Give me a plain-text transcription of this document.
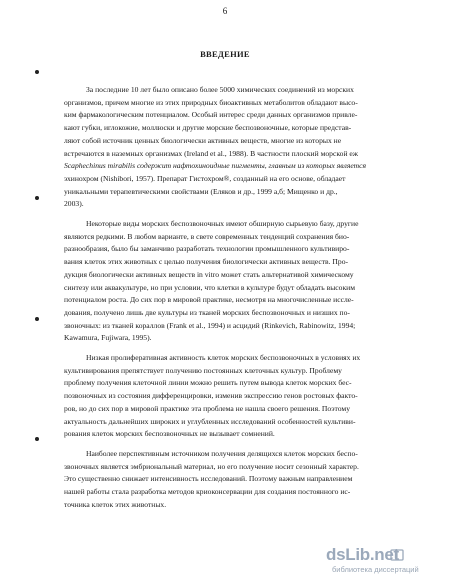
6
ВВЕДЕНИЕ
За последние 10 лет было описано более 5000 химических соединений из морских
организмов, причем многие из этих природных биоактивных метаболитов обладают высо-
ким фармакологическим потенциалом. Особый интерес среди данных организмов привле-
кают губки, иглокожие, моллюски и другие морские беспозвоночные, которые представ-
ляют собой источник ценных биологически активных веществ, многие из которых не
встречаются в наземных организмах (Ireland et al., 1988). В частности плоский морской еж
Scaphechinus mirabilis содержит нафтохиноидные пигменты, главным из которых является
эхинохром (Nishibori, 1957). Препарат Гистохром®, созданный на его основе, обладает
уникальными терапевтическими свойствами (Еляков и др., 1999 а,б; Мищенко и др.,
2003).
Некоторые виды морских беспозвоночных имеют обширную сырьевую базу, другие
являются редкими. В любом варианте, в свете современных тенденций сохранения био-
разнообразия, было бы заманчиво разработать технологии промышленного культивиро-
вания клеток этих животных с целью получения биологически активных веществ. Про-
дукция биологически активных веществ in vitro может стать альтернативой химическому
синтезу или аквакультуре, но при условии, что клетки в культуре будут обладать высоким
потенциалом роста. До сих пор в мировой практике, несмотря на многочисленные иссле-
дования, получено лишь две культуры из тканей морских беспозвоночных и низших по-
звоночных: из тканей кораллов (Frank et al., 1994) и асцидий (Rinkevich, Rabinowitz, 1994;
Kawamura, Fujiwara, 1995).
Низкая пролиферативная активность клеток морских беспозвоночных в условиях их
культивирования препятствует получению постоянных клеточных культур. Проблему
проблему получения клеточной линии можно решить путем вывода клеток морских бес-
позвоночных из состояния дифференцировки, изменив экспрессию генов ростовых факто-
ров, но до сих пор в мировой практике эта проблема не нашла своего решения. Поэтому
актуальность дальнейших широких и углубленных исследований особенностей культиви-
рования клеток морских беспозвоночных не вызывает сомнений.
Наиболее перспективным источником получения делящихся клеток морских беспо-
звоночных является эмбриональный материал, но его получение носит сезонный характер.
Это существенно снижает интенсивность исследований. Поэтому важным направлением
нашей работы стала разработка методов криоконсервации для создания постоянного ис-
точника клеток этих животных.
dsLib.net
библиотека диссертаций
